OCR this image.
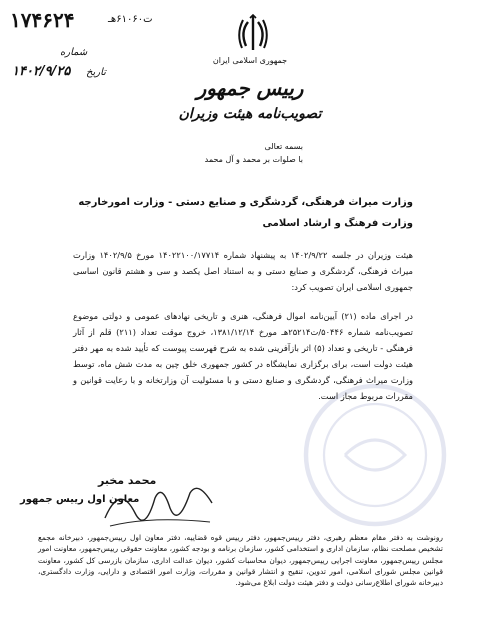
۱۷۴۶۲۴	ت۶۱۰۶۰هـ
شماره
تاریخ
۱۴۰۲/۹/۲۵
جمهوری اسلامی ایران
رییس جمهور
تصویب‌نامه هیئت وزیران
بسمه تعالی
با صلوات بر محمد و آل محمد
وزارت میراث فرهنگی، گردشگری و صنایع دستی - وزارت امورخارجه
وزارت فرهنگ و ارشاد اسلامی
هیئت وزیران در جلسه ۱۴۰۲/۹/۲۲ به پیشنهاد شماره ۱۴۰۲۲۱۰۰/۱۷۷۱۴ مورخ ۱۴۰۲/۹/۵ وزارت میراث فرهنگی، گردشگری و صنایع دستی و به استناد اصل یکصد و سی و هشتم قانون اساسی جمهوری اسلامی ایران تصویب کرد:
در اجرای ماده (۲۱) آیین‌نامه اموال فرهنگی، هنری و تاریخی نهادهای عمومی و دولتی موضوع تصویب‌نامه شماره ۵۰۴۴۶/ت۲۵۲۱۴هـ مورخ ۱۳۸۱/۱۲/۱۴، خروج موقت تعداد (۲۱۱) قلم از آثار فرهنگی - تاریخی و تعداد (۵) اثر بازآفرینی شده به شرح فهرست پیوست که تأیید شده به مهر دفتر هیئت دولت است، برای برگزاری نمایشگاه در کشور جمهوری خلق چین به مدت شش ماه، توسط وزارت میراث فرهنگی، گردشگری و صنایع دستی و با مسئولیت آن وزارتخانه و با رعایت قوانین و مقررات مربوط مجاز است.
محمد مخبر
معاون اول رییس جمهور
رونوشت به دفتر مقام معظم رهبری، دفتر رییس‌جمهور، دفتر رییس قوه قضاییه، دفتر معاون اول رییس‌جمهور، دبیرخانه مجمع تشخیص مصلحت نظام، سازمان اداری و استخدامی کشور، سازمان برنامه و بودجه کشور، معاونت حقوقی رییس‌جمهور، معاونت امور مجلس رییس‌جمهور، معاونت اجرایی رییس‌جمهور، دیوان محاسبات کشور، دیوان عدالت اداری، سازمان بازرسی کل کشور، معاونت قوانین مجلس شورای اسلامی، امور تدوین، تنقیح و انتشار قوانین و مقررات، وزارت امور اقتصادی و دارایی، وزارت دادگستری، دبیرخانه شورای اطلاع‌رسانی دولت و دفتر هیئت دولت ابلاغ می‌شود.
